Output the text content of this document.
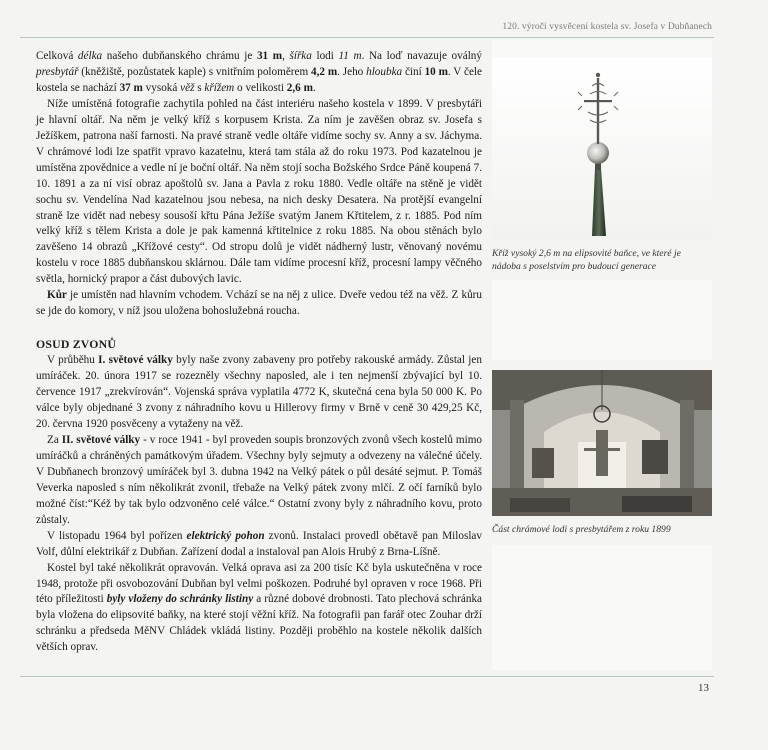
120. výročí vysvěcení kostela sv. Josefa v Dubňanech

Celková délka našeho dubňanského chrámu je 31 m, šířka lodi 11 m. Na loď navazuje oválný presbytář (kněžiště, pozůstatek kaple) s vnitřním poloměrem 4,2 m. Jeho hloubka činí 10 m. V čele kostela se nachází 37 m vysoká věž s křížem o velikosti 2,6 m.

Níže umístěná fotografie zachytila pohled na část interiéru našeho kostela v 1899. V presbytáři je hlavní oltář. Na něm je velký kříž s korpusem Krista. Za ním je zavěšen obraz sv. Josefa s Ježíškem, patrona naší farnosti. Na pravé straně vedle oltáře vidíme sochy sv. Anny a sv. Jáchyma. V chrámové lodi lze spatřit vpravo kazatelnu, která tam stála až do roku 1973. Pod kazatelnou je umístěna zpovědnice a vedle ní je boční oltář. Na něm stojí socha Božského Srdce Páně koupená 7. 10. 1891 a za ní visí obraz apoštolů sv. Jana a Pavla z roku 1880. Vedle oltáře na stěně je vidět sochu sv. Vendelína Nad kazatelnou jsou nebesa, na nich desky Desatera. Na protější evangelní straně lze vidět nad nebesy sousoší křtu Pána Ježíše svatým Janem Křtitelem, z r. 1885. Pod ním velký kříž s tělem Krista a dole je pak kamenná křtitelnice z roku 1885. Na obou stěnách bylo zavěšeno 14 obrazů „Křížové cesty“. Od stropu dolů je vidět nádherný lustr, věnovaný novému kostelu v roce 1885 dubňanskou sklárnou. Dále tam vidíme procesní kříž, procesní lampy věčného světla, hornický prapor a část dubových lavic.

Kůr je umístěn nad hlavním vchodem. Vchází se na něj z ulice. Dveře vedou též na věž. Z kůru se jde do komory, v níž jsou uložena bohoslužebná roucha.

OSUD ZVONŮ

V průběhu I. světové války byly naše zvony zabaveny pro potřeby rakouské armády. Zůstal jen umíráček. 20. února 1917 se rozezněly všechny naposled, ale i ten nejmenší zbývající byl 10. července 1917 „zrekvírován“. Vojenská správa vyplatila 4772 K, skutečná cena byla 50 000 K. Po válce byly objednané 3 zvony z náhradního kovu u Hillerovy firmy v Brně v ceně 30 429,25 Kč, 20. června 1920 posvěceny a vytaženy na věž.

Za II. světové války - v roce 1941 - byl proveden soupis bronzových zvonů všech kostelů mimo umíráčků a chráněných památkovým úřadem. Všechny byly sejmuty a odvezeny na válečné účely. V Dubňanech bronzový umíráček byl 3. dubna 1942 na Velký pátek o půl desáté sejmut. P. Tomáš Veverka naposled s ním několikrát zvonil, třebaže na Velký pátek zvony mlčí. Z očí farníků bylo možné číst:“Kéž by tak bylo odzvoněno celé válce.“ Ostatní zvony byly z náhradního kovu, proto zůstaly.

V listopadu 1964 byl pořízen elektrický pohon zvonů. Instalaci provedl obětavě pan Miloslav Volf, důlní elektrikář z Dubňan. Zařízení dodal a instaloval pan Alois Hrubý z Brna-Líšně.

Kostel byl také několikrát opravován. Velká oprava asi za 200 tisíc Kč byla uskutečněna v roce 1948, protože při osvobozování Dubňan byl velmi poškozen. Podruhé byl opraven v roce 1968. Při této příležitosti byly vloženy do schránky listiny a různé dobové drobnosti. Tato plechová schránka byla vložena do elipsovité baňky, na které stojí věžní kříž. Na fotografii pan farář otec Zouhar drží schránku a předseda MěNV Chládek vkládá listiny. Později proběhlo na kostele několik dalších větších oprav.

Kříž vysoký 2,6 m na elipsovité baňce, ve které je nádoba s poselstvím pro budoucí generace
Část chrámové lodi s presbytářem z roku 1899
13
